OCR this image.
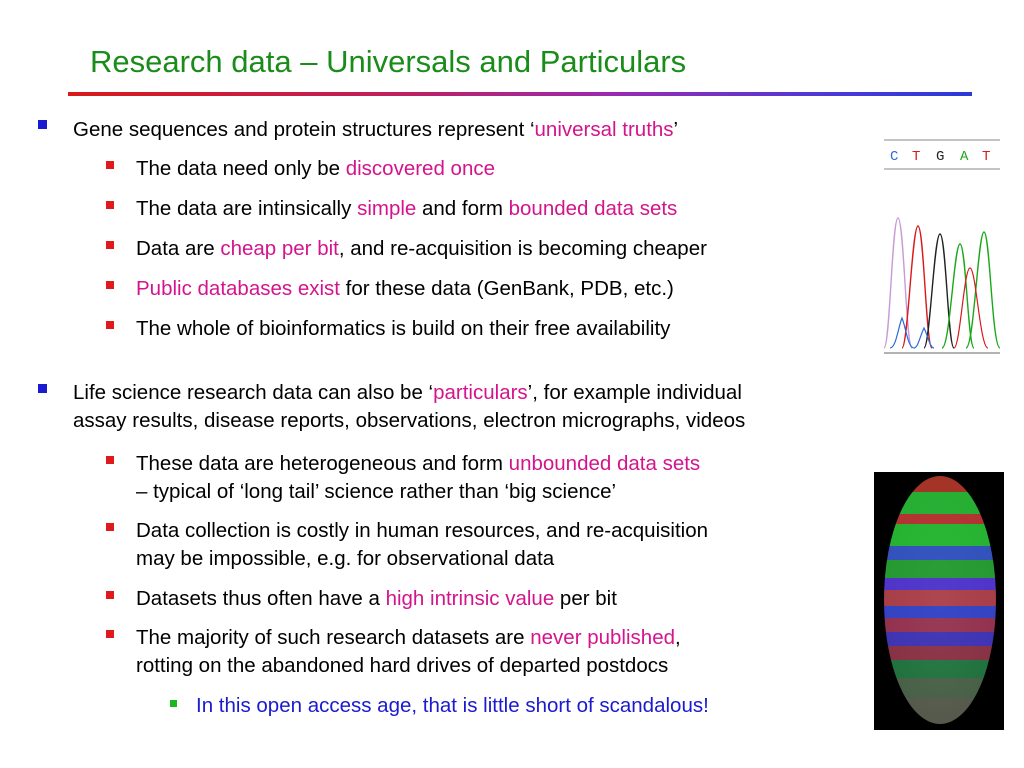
Research data – Universals and Particulars
Gene sequences and protein structures represent ‘universal truths’
The data need only be discovered once
The data are intinsically simple and form bounded data sets
Data are cheap per bit, and re-acquisition is becoming cheaper
Public databases exist for these data (GenBank, PDB, etc.)
The whole of bioinformatics is build on their free availability
Life science research data can also be ‘particulars’, for example individual
assay results, disease reports, observations, electron micrographs, videos
These data are heterogeneous and form unbounded data sets
– typical of ‘long tail’ science rather than ‘big science’
Data collection is costly in human resources, and re-acquisition
may be impossible, e.g. for observational data
Datasets thus often have a high intrinsic value per bit
The majority of such research datasets are never published,
rotting on the abandoned hard drives of departed postdocs
In this open access age, that is little short of scandalous!
C T G A T
